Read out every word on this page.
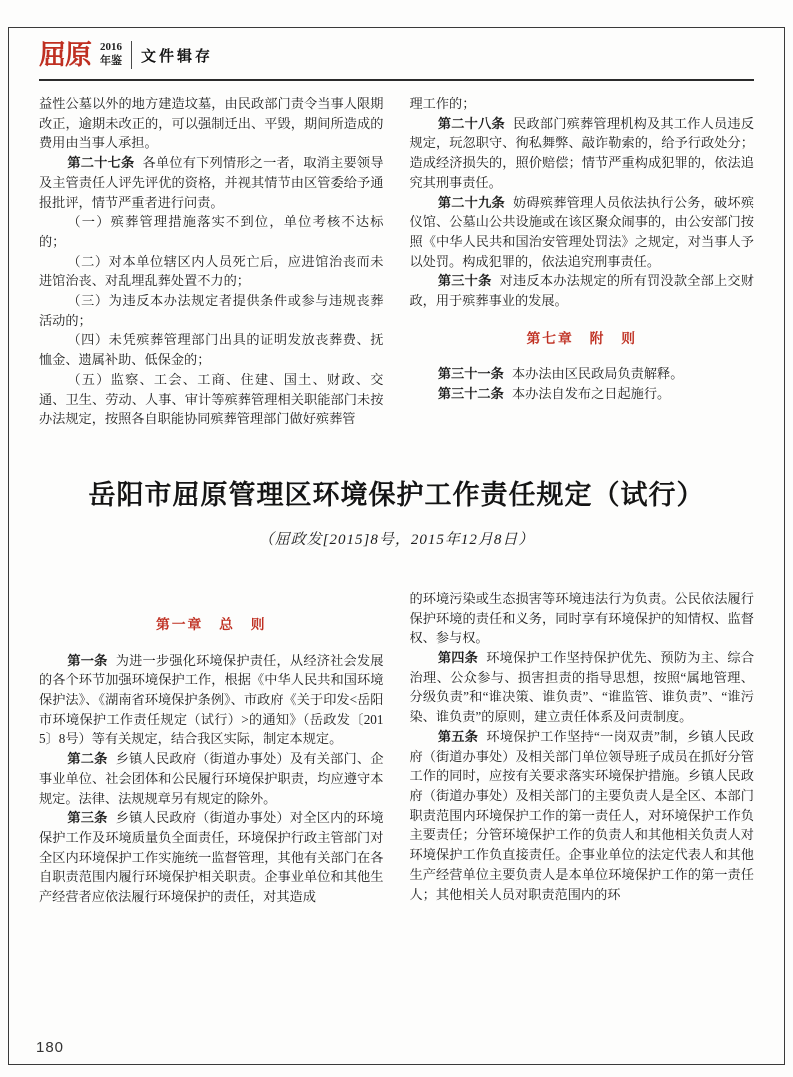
屈原 2016
年鉴 文件辑存

益性公墓以外的地方建造坟墓，由民政部门责令当事人限期改正，逾期未改正的，可以强制迁出、平毁，期间所造成的费用由当事人承担。

第二十七条 各单位有下列情形之一者，取消主要领导及主管责任人评先评优的资格，并视其情节由区管委给予通报批评，情节严重者进行问责。

（一）殡葬管理措施落实不到位，单位考核不达标的；

（二）对本单位辖区内人员死亡后，应进馆治丧而未进馆治丧、对乱埋乱葬处置不力的；

（三）为违反本办法规定者提供条件或参与违规丧葬活动的；

（四）未凭殡葬管理部门出具的证明发放丧葬费、抚恤金、遗属补助、低保金的；

（五）监察、工会、工商、住建、国土、财政、交通、卫生、劳动、人事、审计等殡葬管理相关职能部门未按办法规定，按照各自职能协同殡葬管理部门做好殡葬管

理工作的；

第二十八条 民政部门殡葬管理机构及其工作人员违反规定，玩忽职守、徇私舞弊、敲诈勒索的，给予行政处分；造成经济损失的，照价赔偿；情节严重构成犯罪的，依法追究其刑事责任。

第二十九条 妨碍殡葬管理人员依法执行公务，破坏殡仪馆、公墓山公共设施或在该区聚众闹事的，由公安部门按照《中华人民共和国治安管理处罚法》之规定，对当事人予以处罚。构成犯罪的，依法追究刑事责任。

第三十条 对违反本办法规定的所有罚没款全部上交财政，用于殡葬事业的发展。

第七章　附　则

第三十一条 本办法由区民政局负责解释。

第三十二条 本办法自发布之日起施行。

岳阳市屈原管理区环境保护工作责任规定（试行）

（屈政发[2015]8号，2015年12月8日）

第一章　总　则

第一条 为进一步强化环境保护责任，从经济社会发展的各个环节加强环境保护工作，根据《中华人民共和国环境保护法》、《湖南省环境保护条例》、市政府《关于印发<岳阳市环境保护工作责任规定（试行）>的通知》（岳政发〔2015〕8号）等有关规定，结合我区实际，制定本规定。

第二条 乡镇人民政府（街道办事处）及有关部门、企事业单位、社会团体和公民履行环境保护职责，均应遵守本规定。法律、法规规章另有规定的除外。

第三条 乡镇人民政府（街道办事处）对全区内的环境保护工作及环境质量负全面责任，环境保护行政主管部门对全区内环境保护工作实施统一监督管理，其他有关部门在各自职责范围内履行环境保护相关职责。企事业单位和其他生产经营者应依法履行环境保护的责任，对其造成

的环境污染或生态损害等环境违法行为负责。公民依法履行保护环境的责任和义务，同时享有环境保护的知情权、监督权、参与权。

第四条 环境保护工作坚持保护优先、预防为主、综合治理、公众参与、损害担责的指导思想，按照“属地管理、分级负责”和“谁决策、谁负责”、“谁监管、谁负责”、“谁污染、谁负责”的原则，建立责任体系及问责制度。

第五条 环境保护工作坚持“一岗双责”制，乡镇人民政府（街道办事处）及相关部门单位领导班子成员在抓好分管工作的同时，应按有关要求落实环境保护措施。乡镇人民政府（街道办事处）及相关部门的主要负责人是全区、本部门职责范围内环境保护工作的第一责任人，对环境保护工作负主要责任；分管环境保护工作的负责人和其他相关负责人对环境保护工作负直接责任。企事业单位的法定代表人和其他生产经营单位主要负责人是本单位环境保护工作的第一责任人；其他相关人员对职责范围内的环

180
